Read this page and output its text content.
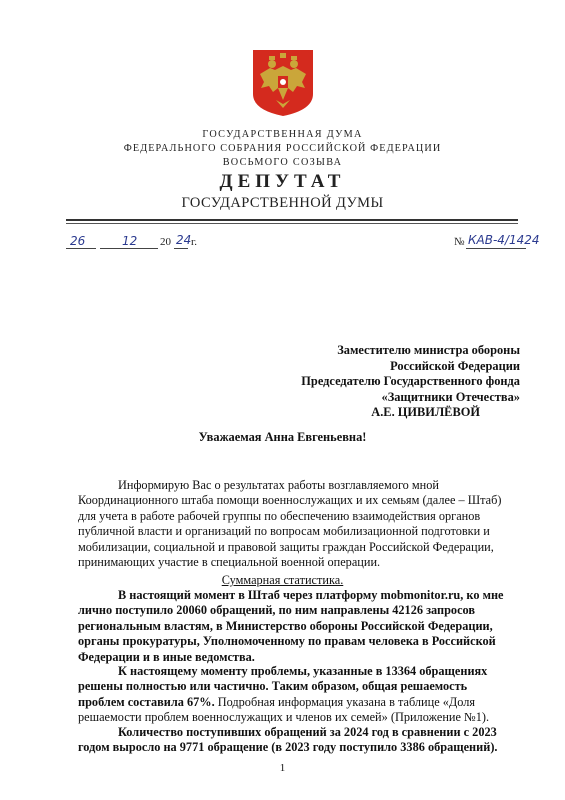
ГОСУДАРСТВЕННАЯ ДУМА
ФЕДЕРАЛЬНОГО СОБРАНИЯ РОССИЙСКОЙ ФЕДЕРАЦИИ
ВОСЬМОГО СОЗЫВА
ДЕПУТАТ
ГОСУДАРСТВЕННОЙ ДУМЫ
26	12 20 24 г.	№ КАВ-4/1424
Заместителю министра обороны
Российской Федерации
Председателю Государственного фонда
«Защитники Отечества»
А.Е. ЦИВИЛЁВОЙ
Уважаемая Анна Евгеньевна!
Информирую Вас о результатах работы возглавляемого мной
Координационного штаба помощи военнослужащих и их семьям (далее – Штаб)
для учета в работе рабочей группы по обеспечению взаимодействия органов
публичной власти и организаций по вопросам мобилизационной подготовки и
мобилизации, социальной и правовой защиты граждан Российской Федерации,
принимающих участие в специальной военной операции.
Суммарная статистика.
В настоящий момент в Штаб через платформу mobmonitor.ru, ко мне
лично поступило 20060 обращений, по ним направлены 42126 запросов
региональным властям, в Министерство обороны Российской Федерации,
органы прокуратуры, Уполномоченному по правам человека в Российской
Федерации и в иные ведомства.
К настоящему моменту проблемы, указанные в 13364 обращениях
решены полностью или частично. Таким образом, общая решаемость
проблем составила 67%. Подробная информация указана в таблице «Доля
решаемости проблем военнослужащих и членов их семей» (Приложение №1).
Количество поступивших обращений за 2024 год в сравнении с 2023
годом выросло на 9771 обращение (в 2023 году поступило 3386 обращений).
1
